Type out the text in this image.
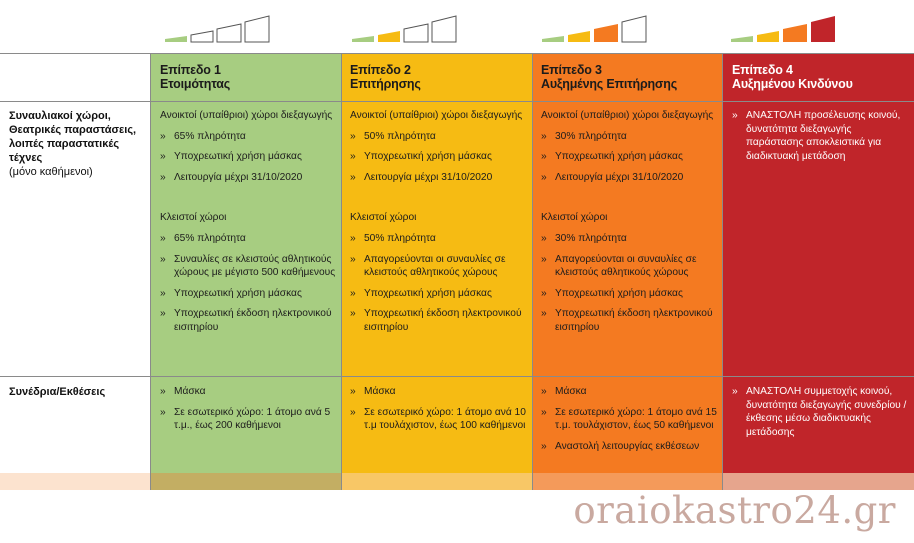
Επίπεδο 1
Ετοιμότητας
Επίπεδο 2
Επιτήρησης
Επίπεδο 3
Αυξημένης Επιτήρησης
Επίπεδο 4
Αυξημένου Κινδύνου
Συναυλιακοί χώροι, Θεατρικές παραστάσεις, λοιπές παραστατικές τέχνες
(μόνο καθήμενοι)

Ανοικτοί (υπαίθριοι) χώροι διεξαγωγής

» 65% πληρότητα
» Υποχρεωτική χρήση μάσκας
» Λειτουργία μέχρι 31/10/2020

Κλειστοί χώροι

» 65% πληρότητα
» Συναυλίες σε κλειστούς αθλητικούς χώρους με μέγιστο 500 καθήμενους
» Υποχρεωτική χρήση μάσκας
» Υποχρεωτική έκδοση ηλεκτρονικού εισιτηρίου

Ανοικτοί (υπαίθριοι) χώροι διεξαγωγής

» 50% πληρότητα
» Υποχρεωτική χρήση μάσκας
» Λειτουργία μέχρι 31/10/2020

Κλειστοί χώροι

» 50% πληρότητα
» Απαγορεύονται οι συναυλίες σε κλειστούς αθλητικούς χώρους
» Υποχρεωτική χρήση μάσκας
» Υποχρεωτική έκδοση ηλεκτρονικού εισιτηρίου

Ανοικτοί (υπαίθριοι) χώροι διεξαγωγής

» 30% πληρότητα
» Υποχρεωτική χρήση μάσκας
» Λειτουργία μέχρι 31/10/2020

Κλειστοί χώροι

» 30% πληρότητα
» Απαγορεύονται οι συναυλίες σε κλειστούς αθλητικούς χώρους
» Υποχρεωτική χρήση μάσκας
» Υποχρεωτική έκδοση ηλεκτρονικού εισιτηρίου
» ΑΝΑΣΤΟΛΗ προσέλευσης κοινού, δυνατότητα διεξαγωγής παράστασης αποκλειστικά για διαδικτυακή μετάδοση
Συνέδρια/Εκθέσεις	» Μάσκα
» Σε εσωτερικό χώρο: 1 άτομο ανά 5 τ.μ., έως 200 καθήμενοι
» Μάσκα
» Σε εσωτερικό χώρο: 1 άτομο ανά 10 τ.μ τουλάχιστον, έως 100 καθήμενοι
» Μάσκα
» Σε εσωτερικό χώρο: 1 άτομο ανά 15 τ.μ. τουλάχιστον, έως 50 καθήμενοι
» Αναστολή λειτουργίας εκθέσεων
» ΑΝΑΣΤΟΛΗ συμμετοχής κοινού, δυνατότητα διεξαγωγής συνεδρίου / έκθεσης μέσω διαδικτυακής μετάδοσης
oraiokastro24.gr
